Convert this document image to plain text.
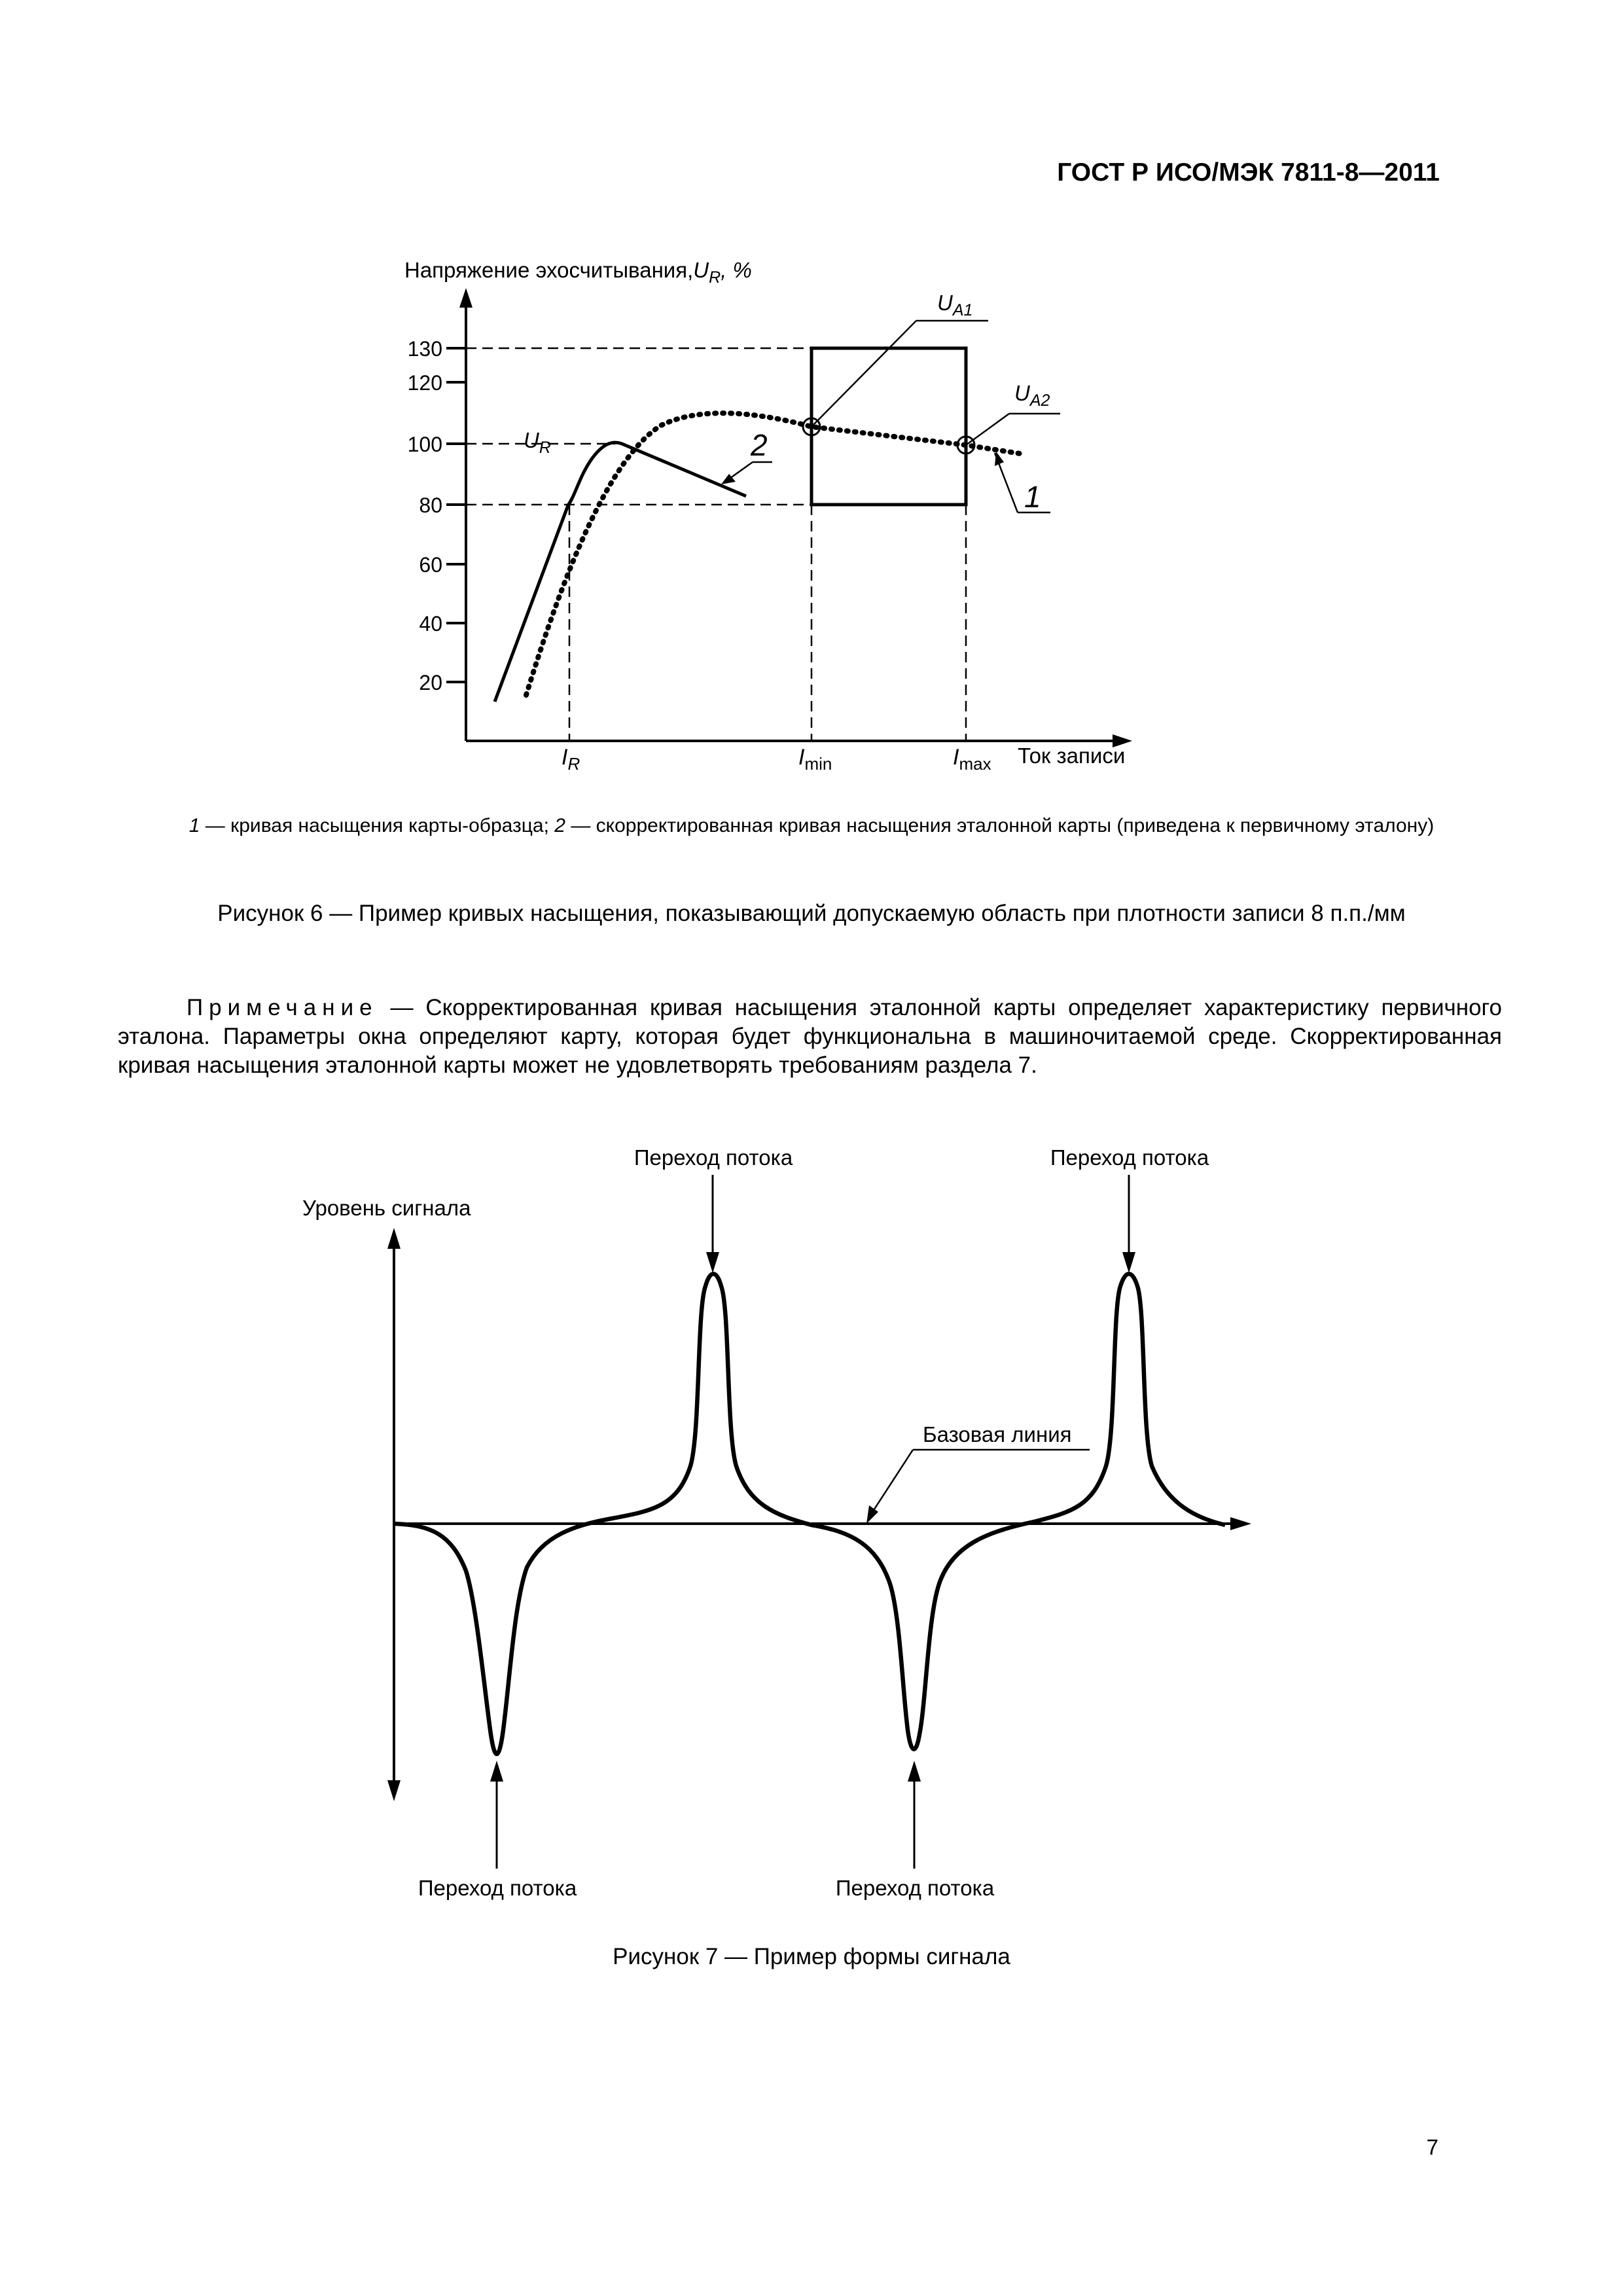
ГОСТ Р ИСО/МЭК 7811-8—2011
Напряжение $эхосчитывания,U_R$, %
130
120
100
80
60
40
20
$U_{A1}$
$U_{A2}$
$U_R$
1
2
$I_R$	$I_{min}$	$I_{max}$ Ток записи
1 — кривая насыщения карты-образца; 2 — скорректированная кривая насыщения эталонной карты (приведена к первичному эталону)
Рисунок 6 — Пример кривых насыщения, показывающий допускаемую область при плотности записи 8 п.п./мм

Примечание — Скорректированная кривая насыщения эталонной карты определяет характеристику первичного эталона. Параметры окна определяют карту, которая будет функциональна в машиночитаемой среде. Скорректированная кривая насыщения эталонной карты может не удовлетворять требованиям раздела 7.

Уровень сигнала
Базовая линия
Переход потока	Переход потока
Переход потока	Переход потока
Рисунок 7 — Пример формы сигнала
7
